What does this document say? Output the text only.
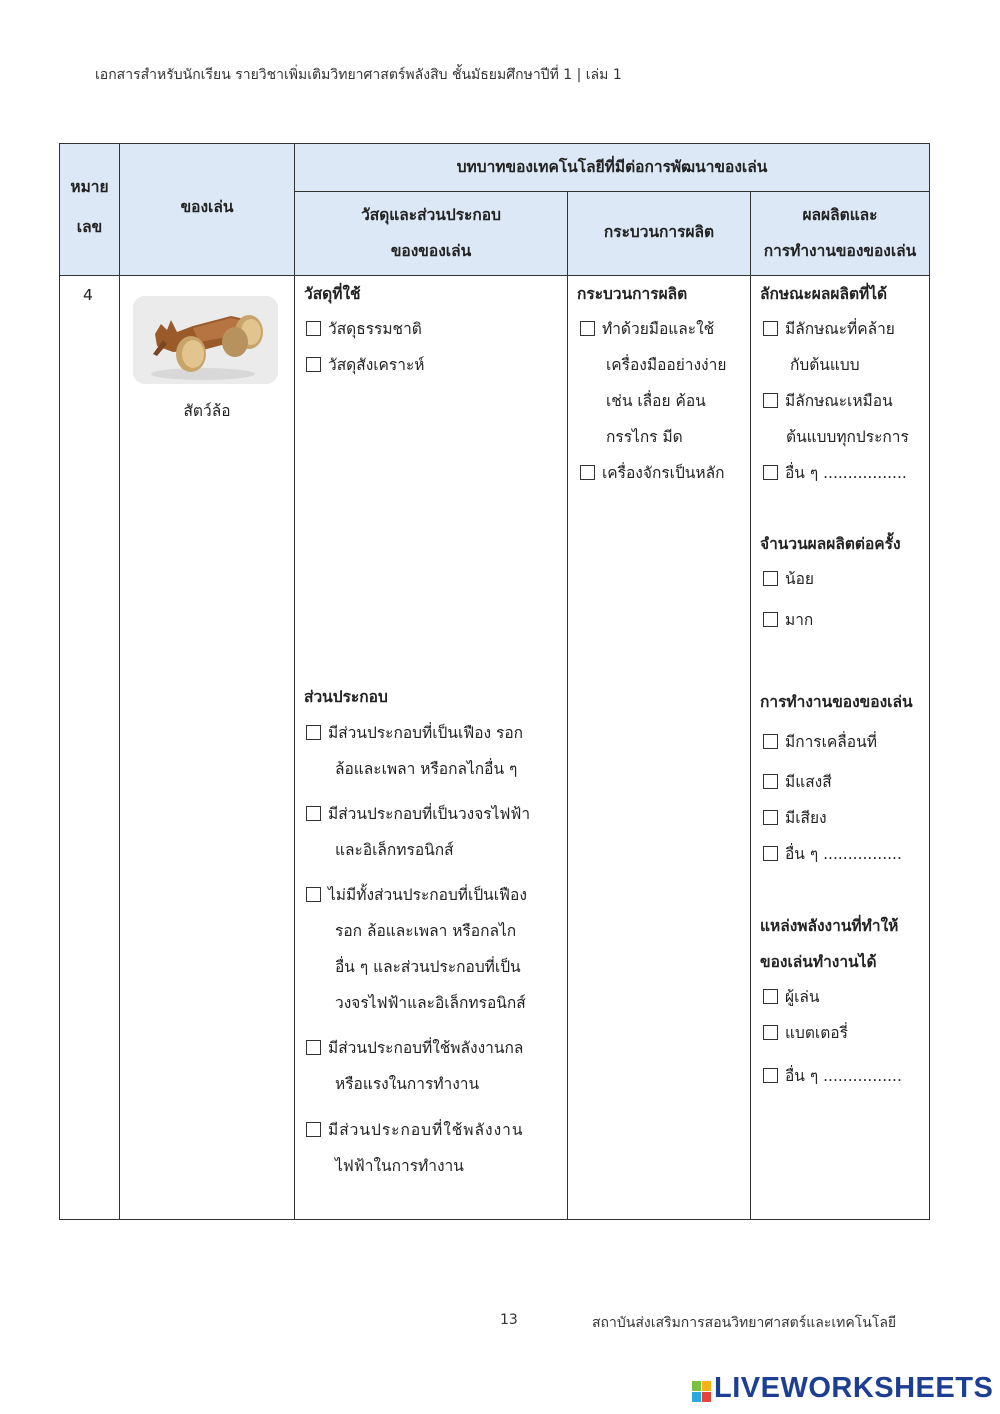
เอกสารสำหรับนักเรียน รายวิชาเพิ่มเติมวิทยาศาสตร์พลังสิบ ชั้นมัธยมศึกษาปีที่ 1 | เล่ม 1
หมาย
เลข
ของเล่น
บทบาทของเทคโนโลยีที่มีต่อการพัฒนาของเล่น
วัสดุและส่วนประกอบ
ของของเล่น
กระบวนการผลิต
ผลผลิตและ
การทำงานของของเล่น
4
สัตว์ล้อ
วัสดุที่ใช้
วัสดุธรรมชาติ
วัสดุสังเคราะห์
ส่วนประกอบ
มีส่วนประกอบที่เป็นเฟือง รอก
ล้อและเพลา หรือกลไกอื่น ๆ
มีส่วนประกอบที่เป็นวงจรไฟฟ้า
และอิเล็กทรอนิกส์
ไม่มีทั้งส่วนประกอบที่เป็นเฟือง
รอก ล้อและเพลา หรือกลไก
อื่น ๆ และส่วนประกอบที่เป็น
วงจรไฟฟ้าและอิเล็กทรอนิกส์
มีส่วนประกอบที่ใช้พลังงานกล
หรือแรงในการทำงาน
มีส่วนประกอบที่ใช้พลังงาน
ไฟฟ้าในการทำงาน
กระบวนการผลิต
ทำด้วยมือและใช้
เครื่องมืออย่างง่าย
เช่น เลื่อย ค้อน
กรรไกร มีด
เครื่องจักรเป็นหลัก
ลักษณะผลผลิตที่ได้
มีลักษณะที่คล้าย
กับต้นแบบ
มีลักษณะเหมือน
ต้นแบบทุกประการ
อื่น ๆ .................
จำนวนผลผลิตต่อครั้ง
น้อย
มาก
การทำงานของของเล่น
มีการเคลื่อนที่
มีแสงสี
มีเสียง
อื่น ๆ ................
แหล่งพลังงานที่ทำให้
ของเล่นทำงานได้
ผู้เล่น
แบตเตอรี่
อื่น ๆ ................
13	สถาบันส่งเสริมการสอนวิทยาศาสตร์และเทคโนโลยี
LIVEWORKSHEETS
